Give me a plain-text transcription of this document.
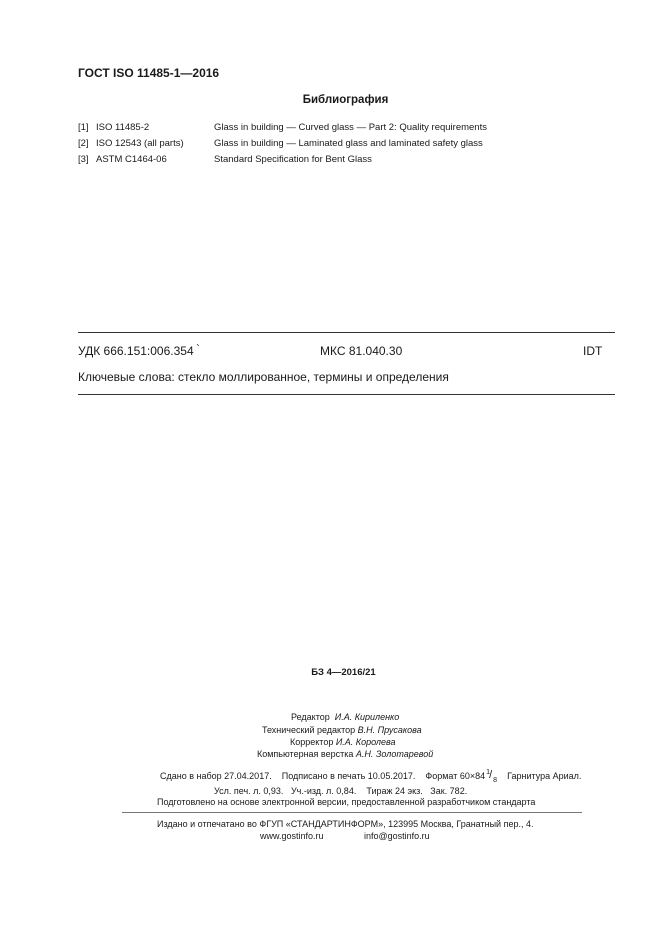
ГОСТ ISO 11485-1—2016
Библиография
[1] ISO 11485-2	Glass in building — Curved glass — Part 2: Quality requirements
[2] ISO 12543 (all parts)	Glass in building — Laminated glass and laminated safety glass
[3] ASTM C1464-06	Standard Specification for Bent Glass
УДК 666.151:006.354 `	МКС 81.040.30	IDT
Ключевые слова: стекло моллированное, термины и определения
БЗ 4—2016/21
Редактор И.А. Кириленко
Технический редактор В.Н. Прусакова
Корректор И.А. Королева
Компьютерная верстка А.Н. Золотаревой
Сдано в набор 27.04.2017. Подписано в печать 10.05.2017. Формат 60×84 1 / 8 Гарнитура Ариал.
Усл. печ. л. 0,93. Уч.-изд. л. 0,84. Тираж 24 экз. Зак. 782.
Подготовлено на основе электронной версии, предоставленной разработчиком стандарта
Издано и отпечатано во ФГУП «СТАНДАРТИНФОРМ», 123995 Москва, Гранатный пер., 4.
www.gostinfo.ru	info@gostinfo.ru
